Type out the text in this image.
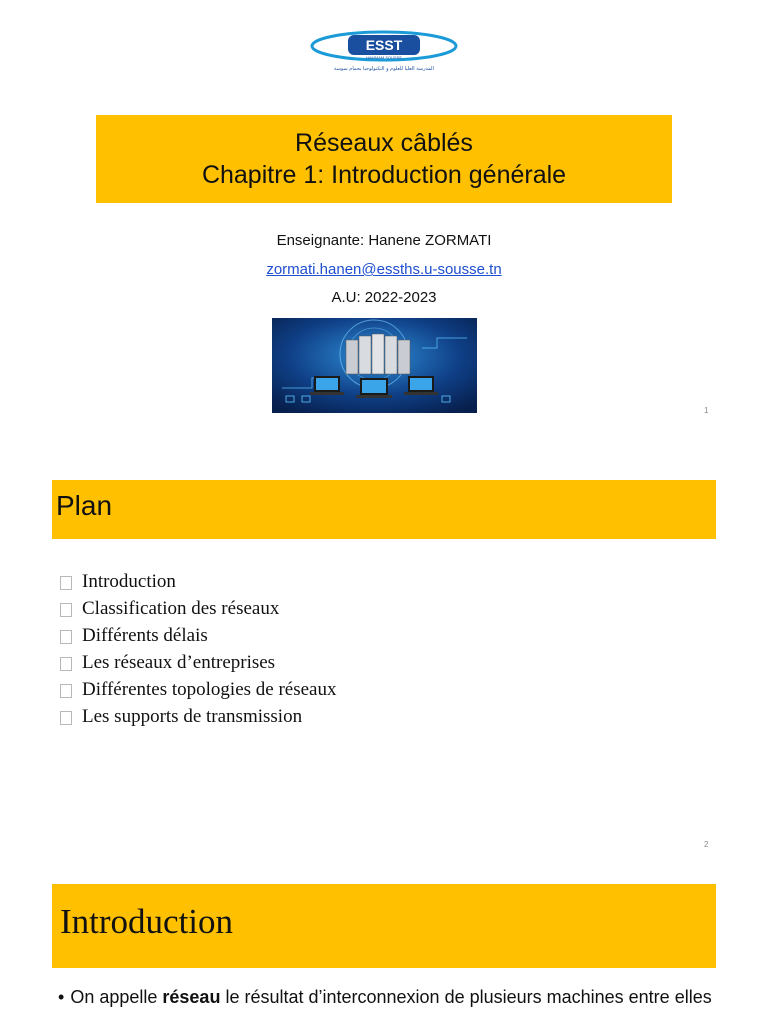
ESST
HAMMAM SOUSSE
المدرسة العليا للعلوم و التكنولوجيا بحمام سوسة
Réseaux câblés
Chapitre 1: Introduction générale
Enseignante: Hanene ZORMATI
zormati.hanen@essths.u-sousse.tn
A.U: 2022-2023
1
Plan
Introduction
Classification des réseaux
Différents délais
Les réseaux d’entreprises
Différentes topologies de réseaux
Les supports de transmission
2
Introduction
• On appelle réseau le résultat d’interconnexion de plusieurs machines entre elles
